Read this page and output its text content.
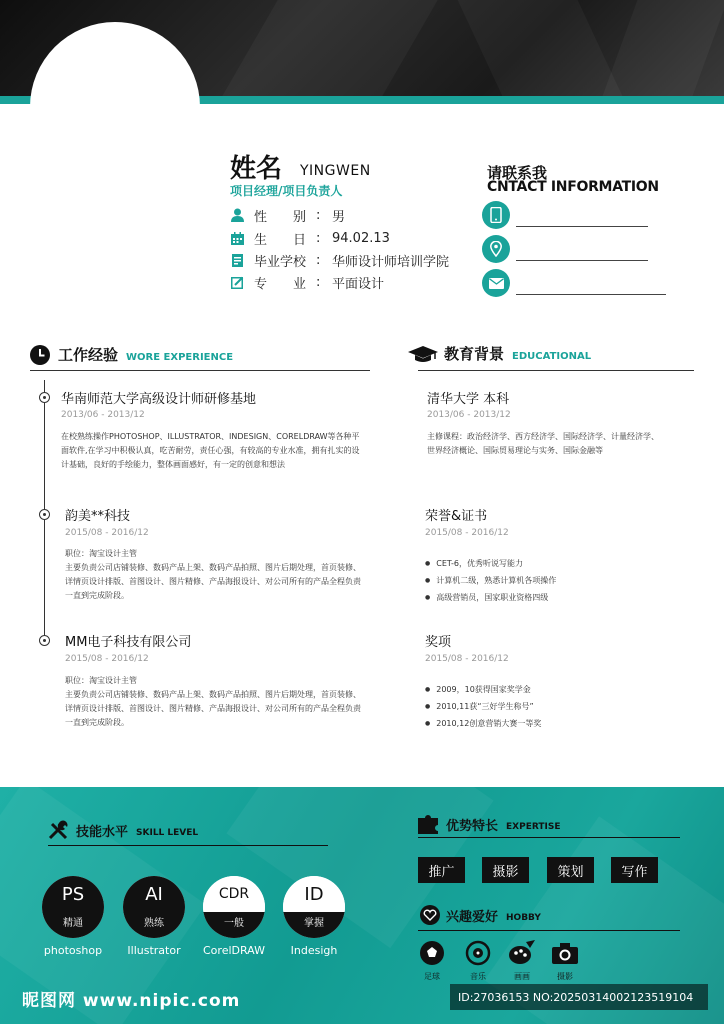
姓名 YINGWEN
项目经理/项目负责人
性　　别 : 男
生　　日 : 94.02.13
毕业学校 : 华师设计师培训学院
专　　业 : 平面设计
请联系我
CNTACT INFORMATION
工作经验 WORE EXPERIENCE
华南师范大学高级设计师研修基地
2013/06 - 2013/12
在校熟练操作PHOTOSHOP、ILLUSTRATOR、INDESIGN、CORELDRAW等各种平
面软件,在学习中积极认真，吃苦耐劳，责任心强，有较高的专业水准，拥有扎实的设
计基础，良好的手绘能力，整体画面感好，有一定的创意和想法
韵美**科技
2015/08 - 2016/12
职位：淘宝设计主管
主要负责公司店铺装修、数码产品上架、数码产品拍照、图片后期处理，首页装修、
详情页设计排版、首图设计、图片精修、产品海报设计、对公司所有的产品全程负责
一直到完成阶段。
MM电子科技有限公司
2015/08 - 2016/12
职位：淘宝设计主管
主要负责公司店铺装修、数码产品上架、数码产品拍照、图片后期处理，首页装修、
详情页设计排版、首图设计、图片精修、产品海报设计、对公司所有的产品全程负责
一直到完成阶段。
教育背景 EDUCATIONAL
清华大学 本科
2013/06 - 2013/12
主修课程：政治经济学、西方经济学、国际经济学、计量经济学、
世界经济概论、国际贸易理论与实务、国际金融等
荣誉&证书
2015/08 - 2016/12
● CET-6，优秀听说写能力
● 计算机二级，熟悉计算机各项操作
● 高级营销员，国家职业资格四级
奖项
2015/08 - 2016/12
● 2009，10获得国家奖学金
● 2010,11获“三好学生称号”
● 2010,12创意营销大赛一等奖
技能水平 SKILL LEVEL
PS
精通
photoshop
AI
熟练
Illustrator
CDR
一般
CorelDRAW
ID
掌握
Indesigh
优势特长 EXPERTISE
推广	摄影	策划	写作
兴趣爱好 HOBBY
足球	音乐	画画	摄影
昵图网 www.nipic.com	ID:27036153 NO:20250314002123519104
